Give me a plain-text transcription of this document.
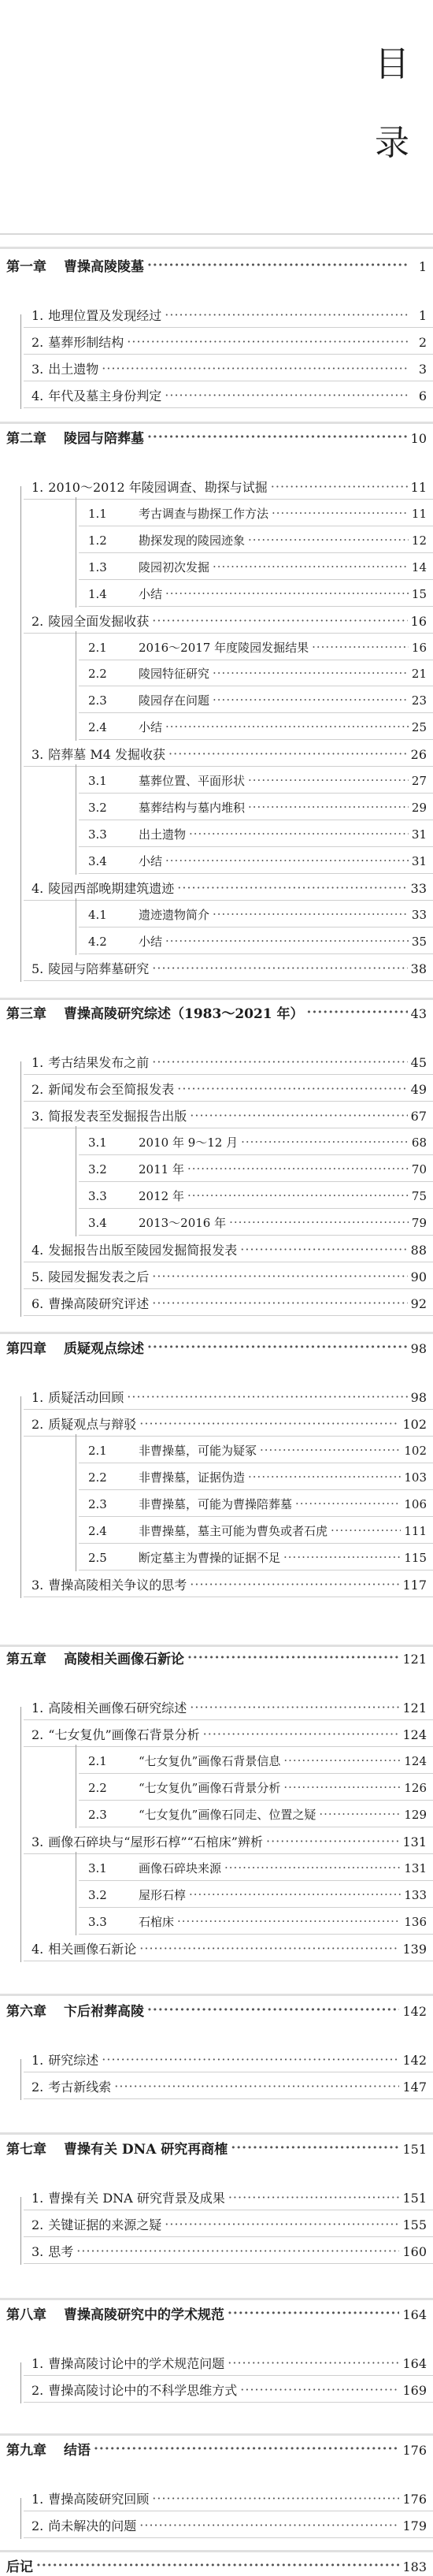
目
录
第一章 曹操高陵陵墓 ·····	1
1. 地理位置及发现经过 ·····	1
2. 墓葬形制结构 ·····	2
3. 出土遗物 ·····	3
4. 年代及墓主身份判定 ·····	6
第二章 陵园与陪葬墓 ·····	10
1. 2010～2012 年陵园调查、勘探与试掘 ·····	11
1.1	考古调查与勘探工作方法 ·····	11
1.2	勘探发现的陵园迹象 ·····	12
1.3	陵园初次发掘 ·····	14
1.4	小结 ·····	15
2. 陵园全面发掘收获 ·····	16
2.1	2016～2017 年度陵园发掘结果 ·····	16
2.2	陵园特征研究 ·····	21
2.3	陵园存在问题 ·····	23
2.4	小结 ·····	25
3. 陪葬墓 M4 发掘收获 ·····	26
3.1	墓葬位置、平面形状 ·····	27
3.2	墓葬结构与墓内堆积 ·····	29
3.3	出土遗物 ·····	31
3.4	小结 ·····	31
4. 陵园西部晚期建筑遗迹 ·····	33
4.1	遗迹遗物简介 ·····	33
4.2	小结 ·····	35
5. 陵园与陪葬墓研究 ·····	38
第三章 曹操高陵研究综述（1983～2021 年） ·····	43
1. 考古结果发布之前 ·····	45
2. 新闻发布会至简报发表 ·····	49
3. 简报发表至发掘报告出版 ·····	67
3.1	2010 年 9～12 月 ·····	68
3.2	2011 年 ·····	70
3.3	2012 年 ·····	75
3.4	2013～2016 年 ·····	79
4. 发掘报告出版至陵园发掘简报发表 ·····	88
5. 陵园发掘发表之后 ·····	90
6. 曹操高陵研究评述 ·····	92
第四章 质疑观点综述 ·····	98
1. 质疑活动回顾 ·····	98
2. 质疑观点与辩驳 ·····	102
2.1	非曹操墓，可能为疑冢 ·····	102
2.2	非曹操墓，证据伪造 ·····	103
2.3	非曹操墓，可能为曹操陪葬墓 ·····	106
2.4	非曹操墓，墓主可能为曹奂或者石虎 ·····	111
2.5	断定墓主为曹操的证据不足 ·····	115
3. 曹操高陵相关争议的思考 ·····	117
第五章 高陵相关画像石新论 ·····	121
1. 高陵相关画像石研究综述 ·····	121
2. “七女复仇”画像石背景分析 ·····	124
2.1	“七女复仇”画像石背景信息 ·····	124
2.2	“七女复仇”画像石背景分析 ·····	126
2.3	“七女复仇”画像石同走、位置之疑 ·····	129
3. 画像石碎块与“屋形石椁”“石棺床”辨析 ·····	131
3.1	画像石碎块来源 ·····	131
3.2	屋形石椁 ·····	133
3.3	石棺床 ·····	136
4. 相关画像石新论 ·····	139
第六章 卞后祔葬高陵 ·····	142
1. 研究综述 ·····	142
2. 考古新线索 ·····	147
第七章 曹操有关 DNA 研究再商榷 ·····	151
1. 曹操有关 DNA 研究背景及成果 ·····	151
2. 关键证据的来源之疑 ·····	155
3. 思考 ·····	160
第八章 曹操高陵研究中的学术规范 ·····	164
1. 曹操高陵讨论中的学术规范问题 ·····	164
2. 曹操高陵讨论中的不科学思维方式 ·····	169
第九章 结语 ·····	176
1. 曹操高陵研究回顾 ·····	176
2. 尚未解决的问题 ·····	179
后记 ·····	183
